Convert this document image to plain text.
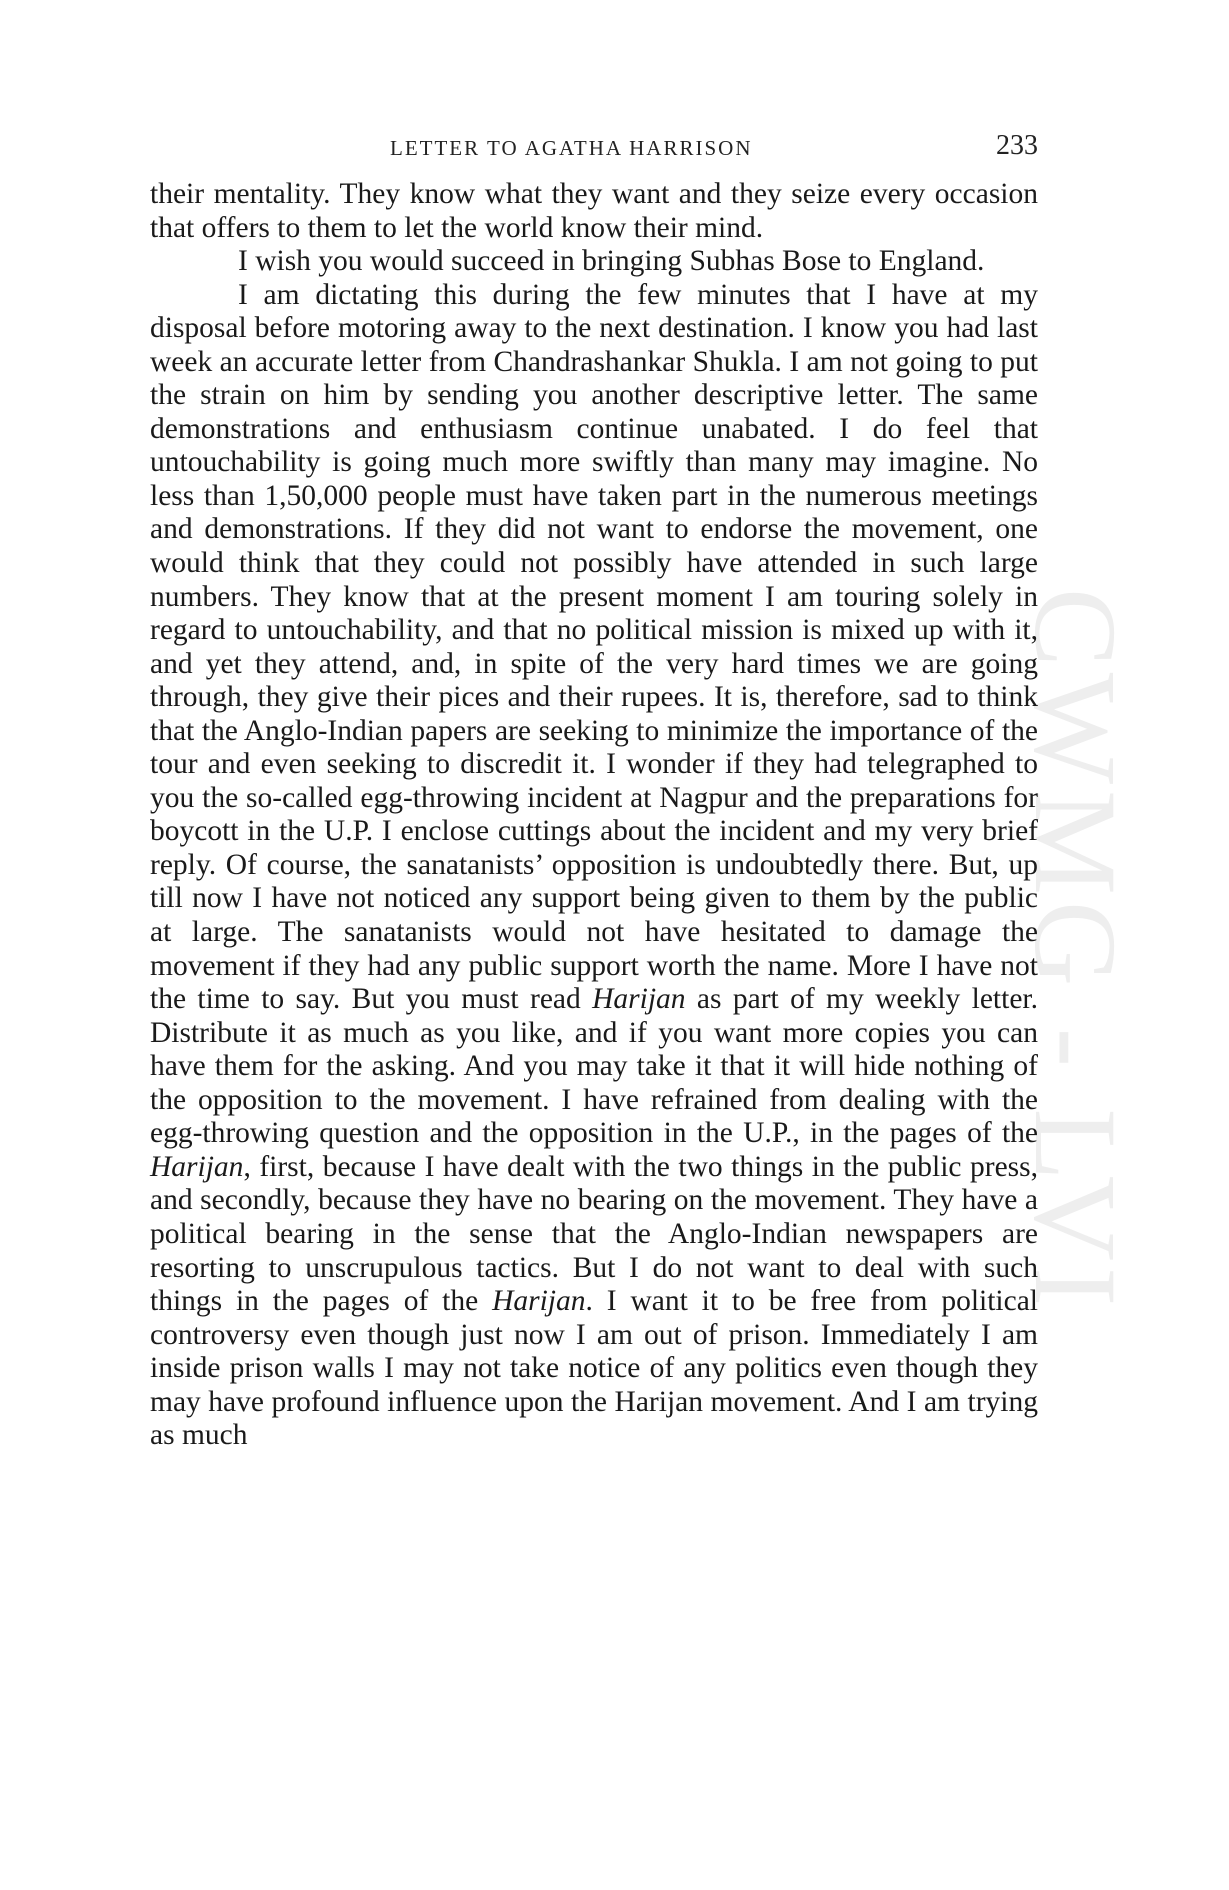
CWMG - LVI
LETTER TO AGATHA HARRISON	233

their mentality. They know what they want and they seize every occasion that offers to them to let the world know their mind.

I wish you would succeed in bringing Subhas Bose to England.

I am dictating this during the few minutes that I have at my disposal before motoring away to the next destination. I know you had last week an accurate letter from Chandrashankar Shukla. I am not going to put the strain on him by sending you another descriptive letter. The same demonstrations and enthusiasm continue unabated. I do feel that untouchability is going much more swiftly than many may imagine. No less than 1,50,000 people must have taken part in the numerous meetings and demonstrations. If they did not want to endorse the movement, one would think that they could not possibly have attended in such large numbers. They know that at the present moment I am touring solely in regard to untouchability, and that no political mission is mixed up with it, and yet they attend, and, in spite of the very hard times we are going through, they give their pices and their rupees. It is, therefore, sad to think that the Anglo-Indian papers are seeking to minimize the importance of the tour and even seeking to discredit it. I wonder if they had telegraphed to you the so-called egg-throwing incident at Nagpur and the preparations for boycott in the U.P. I enclose cuttings about the incident and my very brief reply. Of course, the sanatanists’ opposition is undoubtedly there. But, up till now I have not noticed any support being given to them by the public at large. The sanatanists would not have hesitated to damage the movement if they had any public support worth the name. More I have not the time to say. But you must read Harijan as part of my weekly letter. Distribute it as much as you like, and if you want more copies you can have them for the asking. And you may take it that it will hide nothing of the opposition to the movement. I have refrained from dealing with the egg-throwing question and the opposition in the U.P., in the pages of the Harijan, first, because I have dealt with the two things in the public press, and secondly, because they have no bearing on the movement. They have a political bearing in the sense that the Anglo-Indian newspapers are resorting to unscrupulous tactics. But I do not want to deal with such things in the pages of the Harijan. I want it to be free from political controversy even though just now I am out of prison. Immediately I am inside prison walls I may not take notice of any politics even though they may have profound influence upon the Harijan movement. And I am trying as much
